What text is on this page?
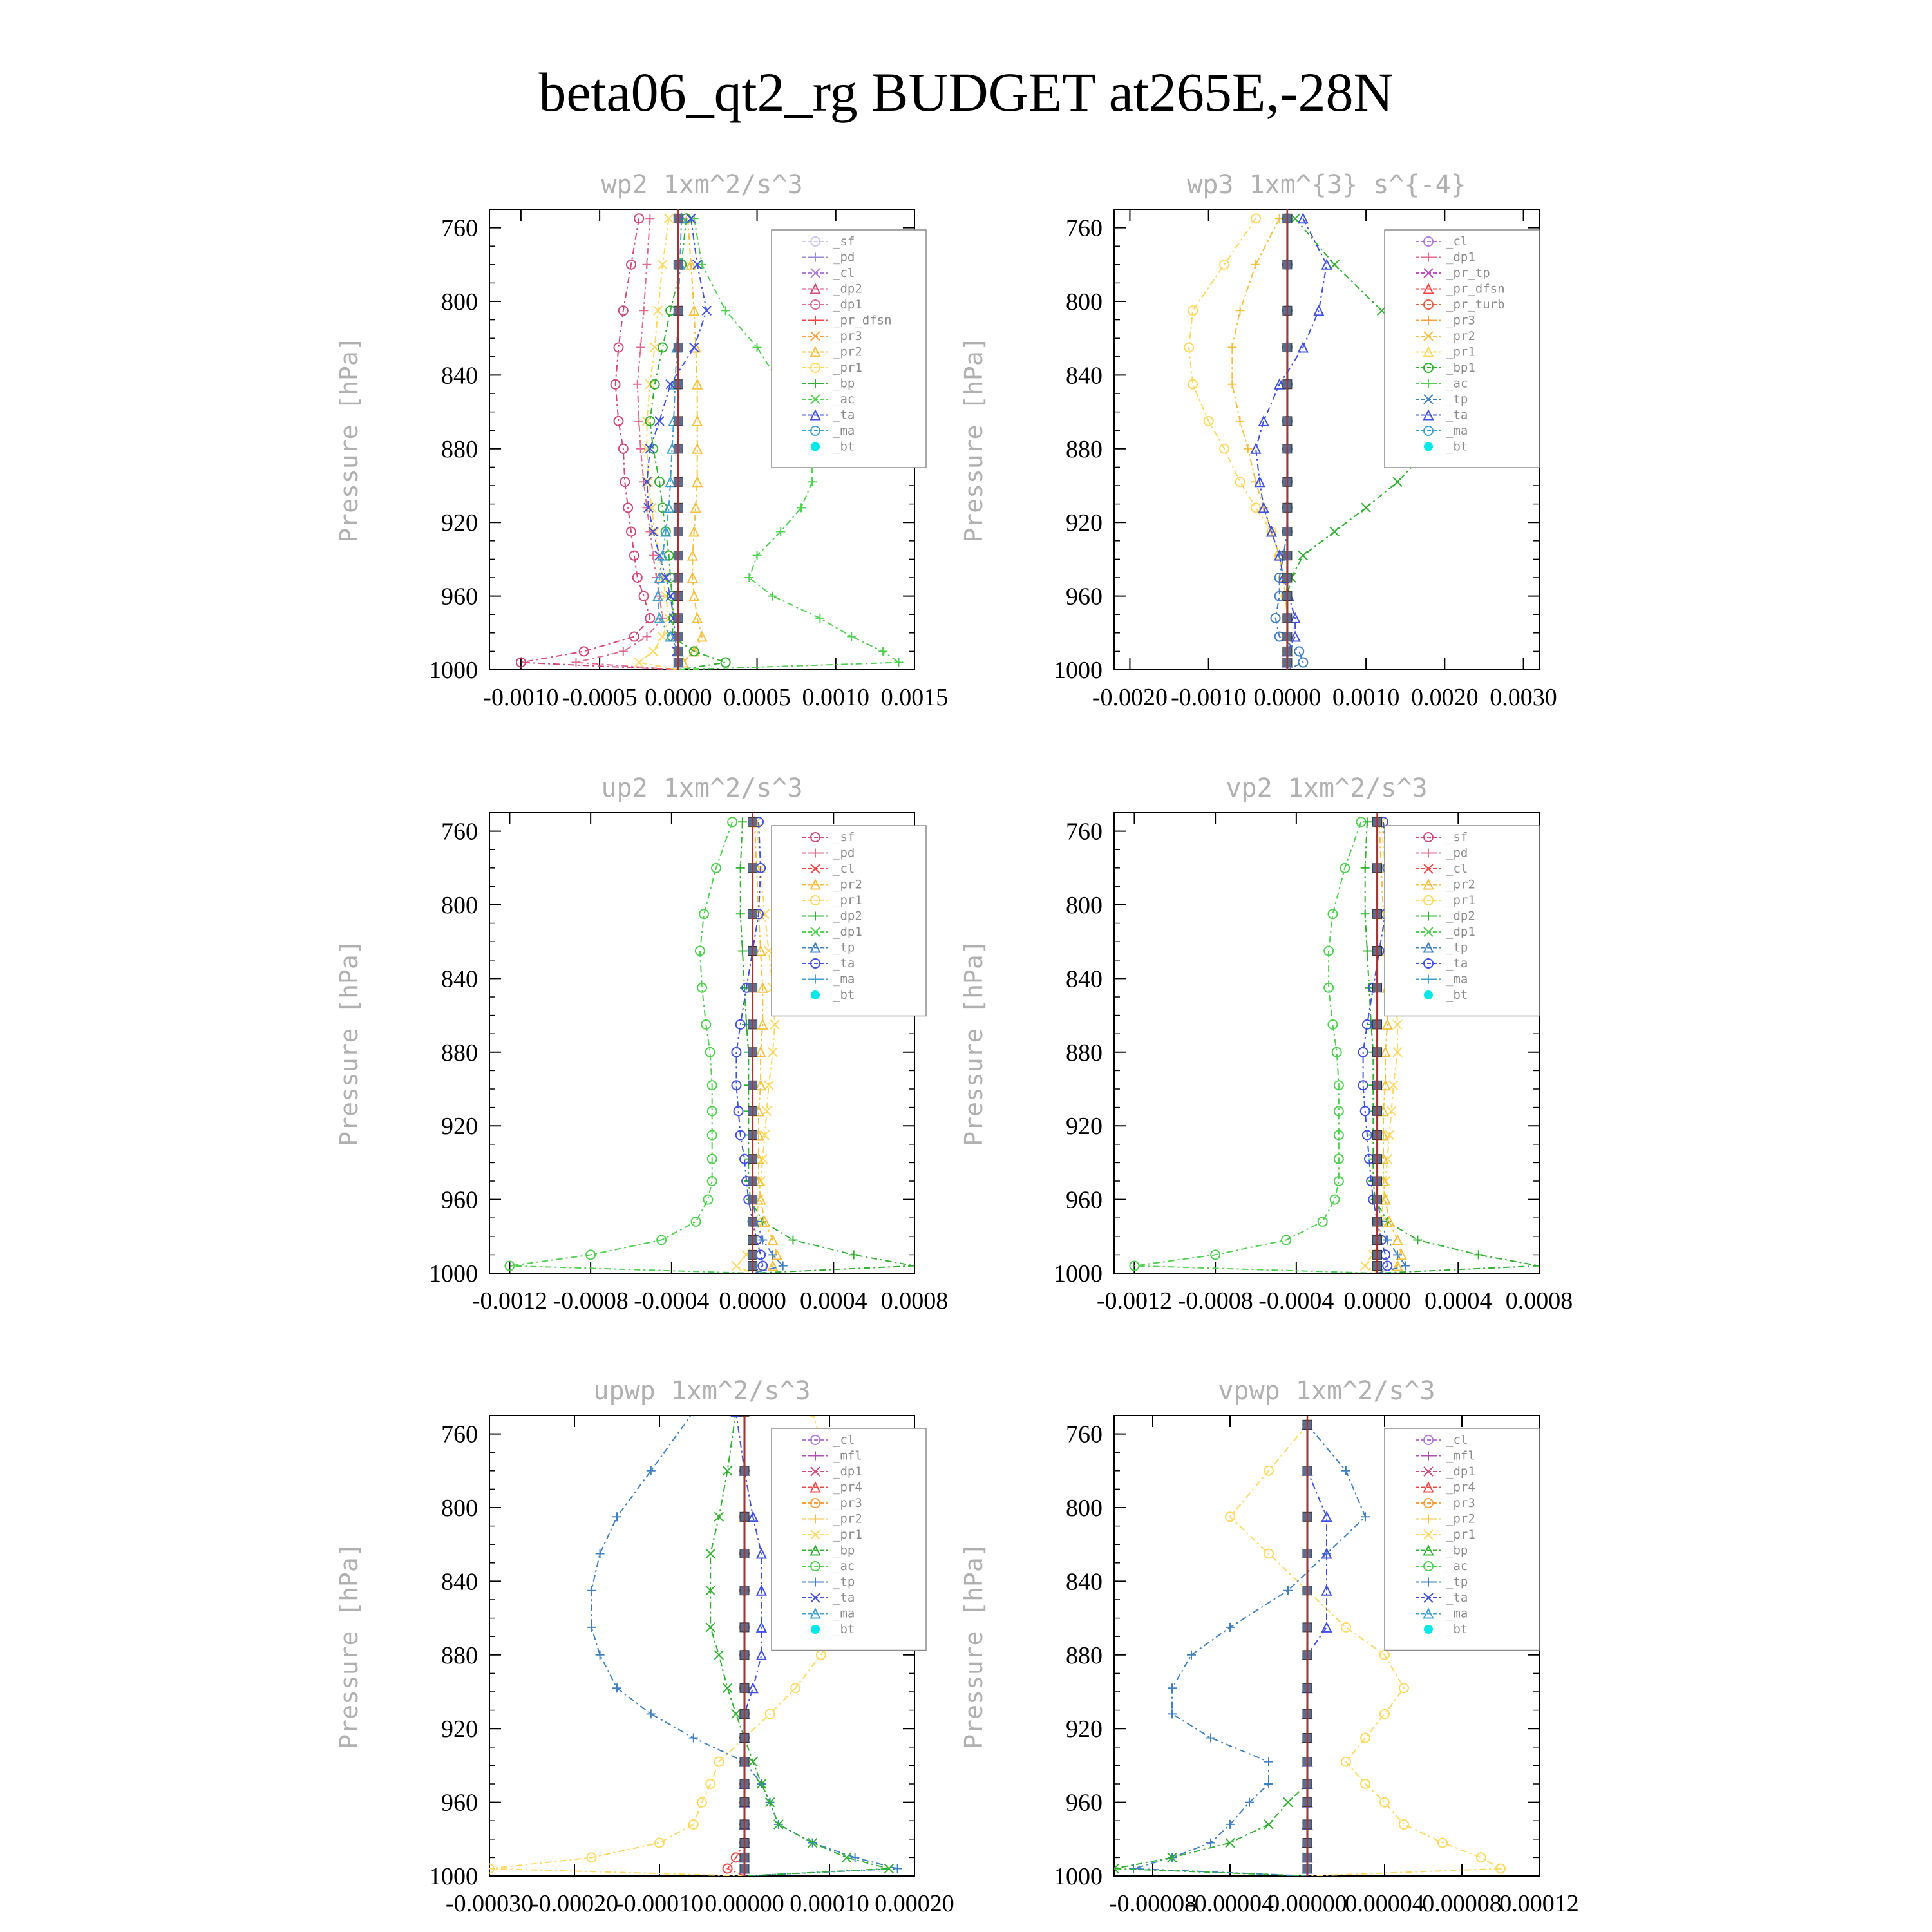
beta06_qt2_rg BUDGET at265E,-28N
wp2 1xm^2/s^3
Pressure [hPa]
760
800
840
880
920
960
1000
-0.0010 -0.0005 0.0000 0.0005 0.0010 0.0015
_sf
_pd
_cl
_dp2
_dp1
_pr_dfsn
_pr3
_pr2
_pr1
_bp
_ac
_ta
_ma
_bt
wp3 1xm^{3} s^{-4}
Pressure [hPa]
760
800
840
880
920
960
1000
-0.0020 -0.0010 0.0000 0.0010 0.0020 0.0030
_cl
_dp1
_pr_tp
_pr_dfsn
_pr_turb
_pr3
_pr2
_pr1
_bp1
_ac
_tp
_ta
_ma
_bt
up2 1xm^2/s^3
Pressure [hPa]
760
800
840
880
920
960
1000
-0.0012 -0.0008 -0.0004 0.0000 0.0004 0.0008
_sf
_pd
_cl
_pr2
_pr1
_dp2
_dp1
_tp
_ta
_ma
_bt
vp2 1xm^2/s^3
Pressure [hPa]
760
800
840
880
920
960
1000
-0.0012 -0.0008 -0.0004 0.0000 0.0004 0.0008
_sf
_pd
_cl
_pr2
_pr1
_dp2
_dp1
_tp
_ta
_ma
_bt
upwp 1xm^2/s^3
Pressure [hPa]
760
800
840
880
920
960
1000
-0.00030
-0.00020
-0.00010 0.00000 0.00010 0.00020
_cl
_mfl
_dp1
_pr4
_pr3
_pr2
_pr1
_bp
_ac
_tp
_ta
_ma
_bt
vpwp 1xm^2/s^3
Pressure [hPa]
760
800
840
880
920
960
1000
-0.00008
-0.00004
0.00000
0.00004
0.00008
0.00012
_cl
_mfl
_dp1
_pr4
_pr3
_pr2
_pr1
_bp
_ac
_tp
_ta
_ma
_bt
